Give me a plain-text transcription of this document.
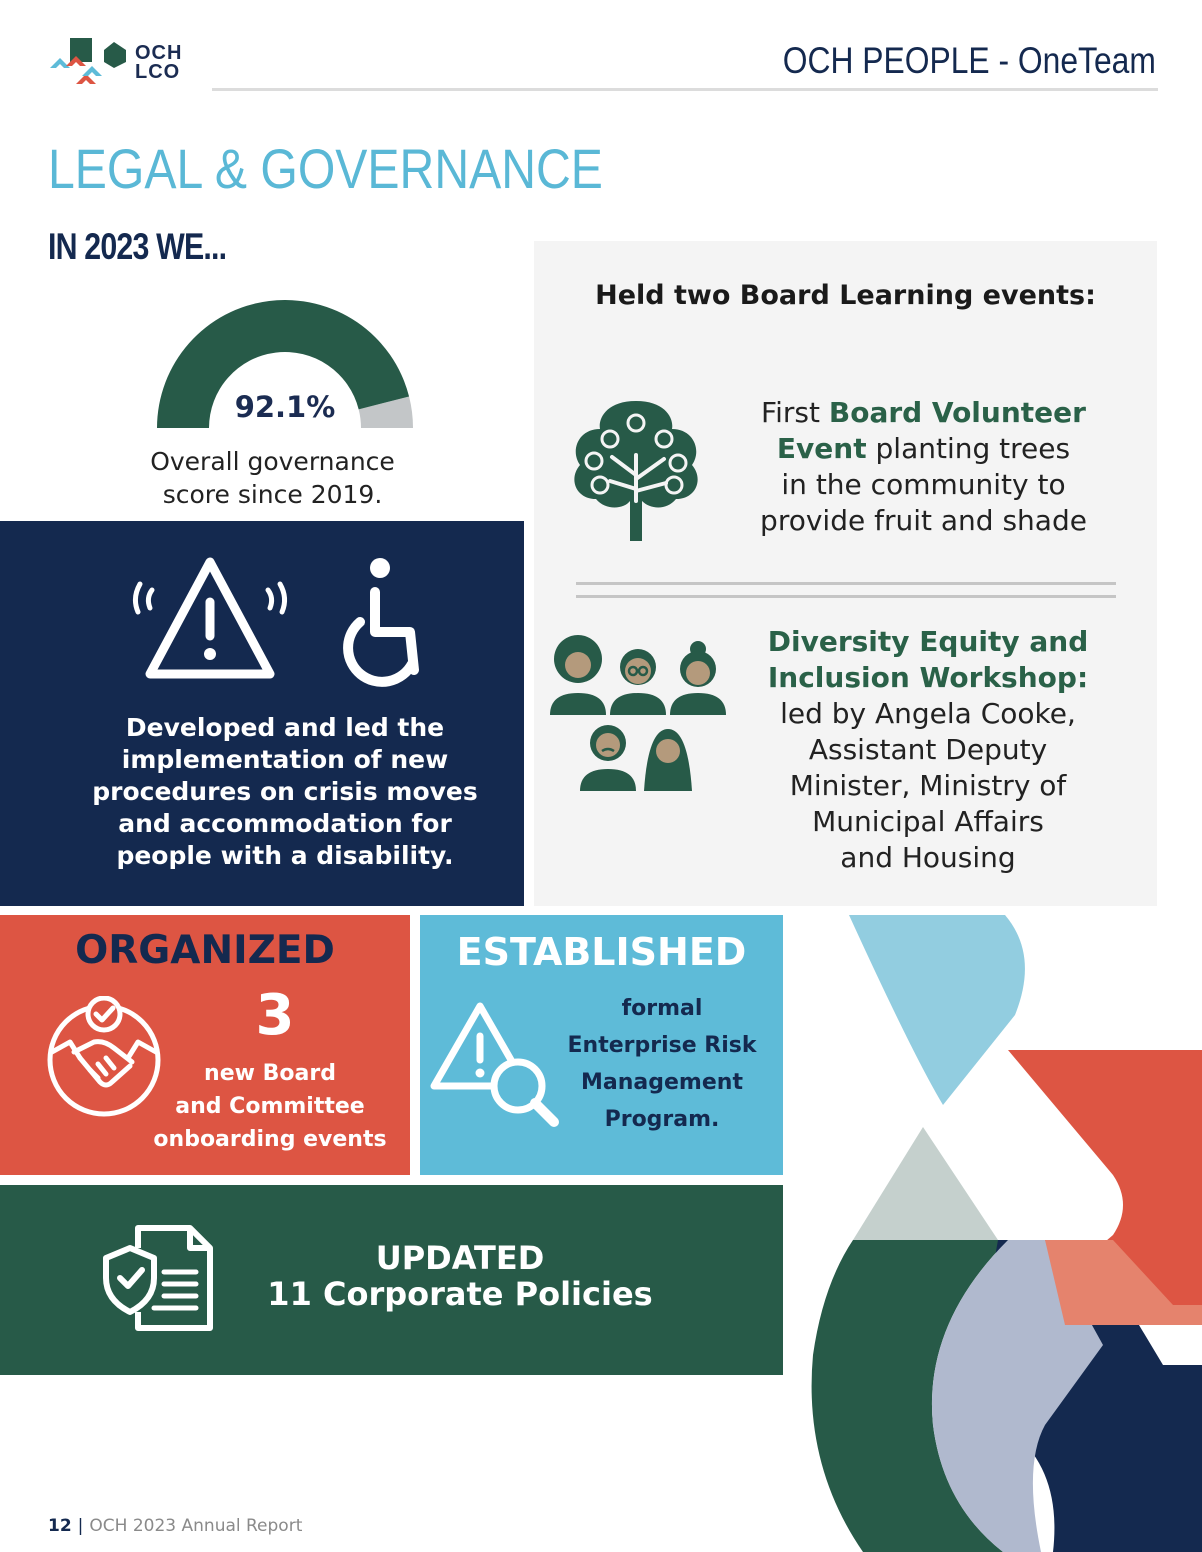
OCH
LCO	OCH PEOPLE - OneTeam
LEGAL & GOVERNANCE
IN 2023 WE...
92.1%
Overall governance
score since 2019.
Developed and led the
implementation of new
procedures on crisis moves
and accommodation for
people with a disability.
Held two Board Learning events:
First Board Volunteer
Event planting trees
in the community to
provide fruit and shade
Diversity Equity and
Inclusion Workshop:
led by Angela Cooke,
Assistant Deputy
Minister, Ministry of
Municipal Affairs
and Housing
ORGANIZED
3
new Board
and Committee
onboarding events
ESTABLISHED
formal
Enterprise Risk
Management
Program.
UPDATED
11 Corporate Policies
12 | OCH 2023 Annual Report
